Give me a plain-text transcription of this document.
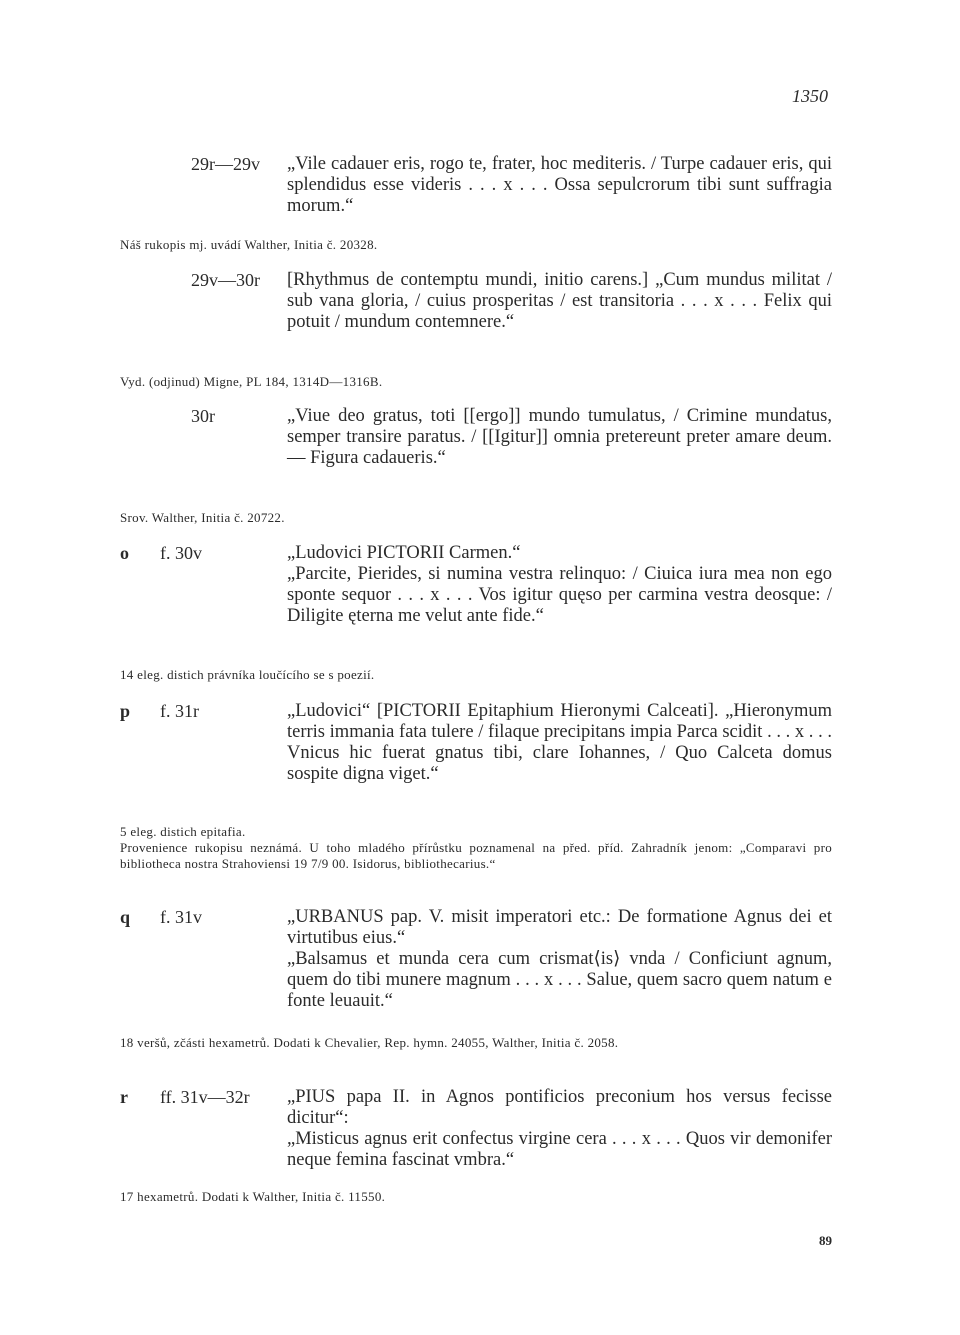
1350
29r—29v „Vile cadauer eris, rogo te, frater, hoc mediteris. / Turpe cadauer eris, qui splendidus esse videris . . . x . . . Ossa sepulcrorum tibi sunt suffragia morum.“

Náš rukopis mj. uvádí Walther, Initia č. 20328.

29v—30r [Rhythmus de contemptu mundi, initio carens.] „Cum mundus militat / sub vana gloria, / cuius prosperitas / est transitoria . . . x . . . Felix qui potuit / mundum contemnere.“

Vyd. (odjinud) Migne, PL 184, 1314D—1316B.

30r	„Viue deo gratus, toti [[ergo]] mundo tumulatus, / Crimine mundatus, semper transire paratus. / [[Igitur]] omnia pretereunt preter amare deum. — Figura cadaueris.“

Srov. Walther, Initia č. 20722.

o f. 30v	„Ludovici PICTORII Carmen.“

„Parcite, Pierides, si numina vestra relinquo: / Ciuica iura mea non ego sponte sequor . . . x . . . Vos igitur quęso per carmina vestra deosque: / Diligite ęterna me velut ante fide.“

14 eleg. distich právníka loučícího se s poezií.

p f. 31r	„Ludovici“ [PICTORII Epitaphium Hieronymi Calceati]. „Hieronymum terris immania fata tulere / filaque precipitans impia Parca scidit . . . x . . . Vnicus hic fuerat gnatus tibi, clare Iohannes, / Quo Calceta domus sospite digna viget.“

5 eleg. distich epitafia.

Provenience rukopisu neznámá. U toho mladého přírůstku poznamenal na před. příd. Zahradník jenom: „Comparavi pro bibliotheca nostra Strahoviensi 19 7/9 00. Isidorus, bibliothecarius.“

q f. 31v	„URBANUS pap. V. misit imperatori etc.: De formatione Agnus dei et virtutibus eius.“

„Balsamus et munda cera cum crismat⟨is⟩ vnda / Conficiunt agnum, quem do tibi munere magnum . . . x . . . Salue, quem sacro quem natum e fonte leuauit.“

18 veršů, zčásti hexametrů. Dodati k Chevalier, Rep. hymn. 24055, Walther, Initia č. 2058.

r ff. 31v—32r „PIUS papa II. in Agnos pontificios preconium hos versus fecisse dicitur“:

„Misticus agnus erit confectus virgine cera . . . x . . . Quos vir demonifer neque femina fascinat vmbra.“

17 hexametrů. Dodati k Walther, Initia č. 11550.

89
